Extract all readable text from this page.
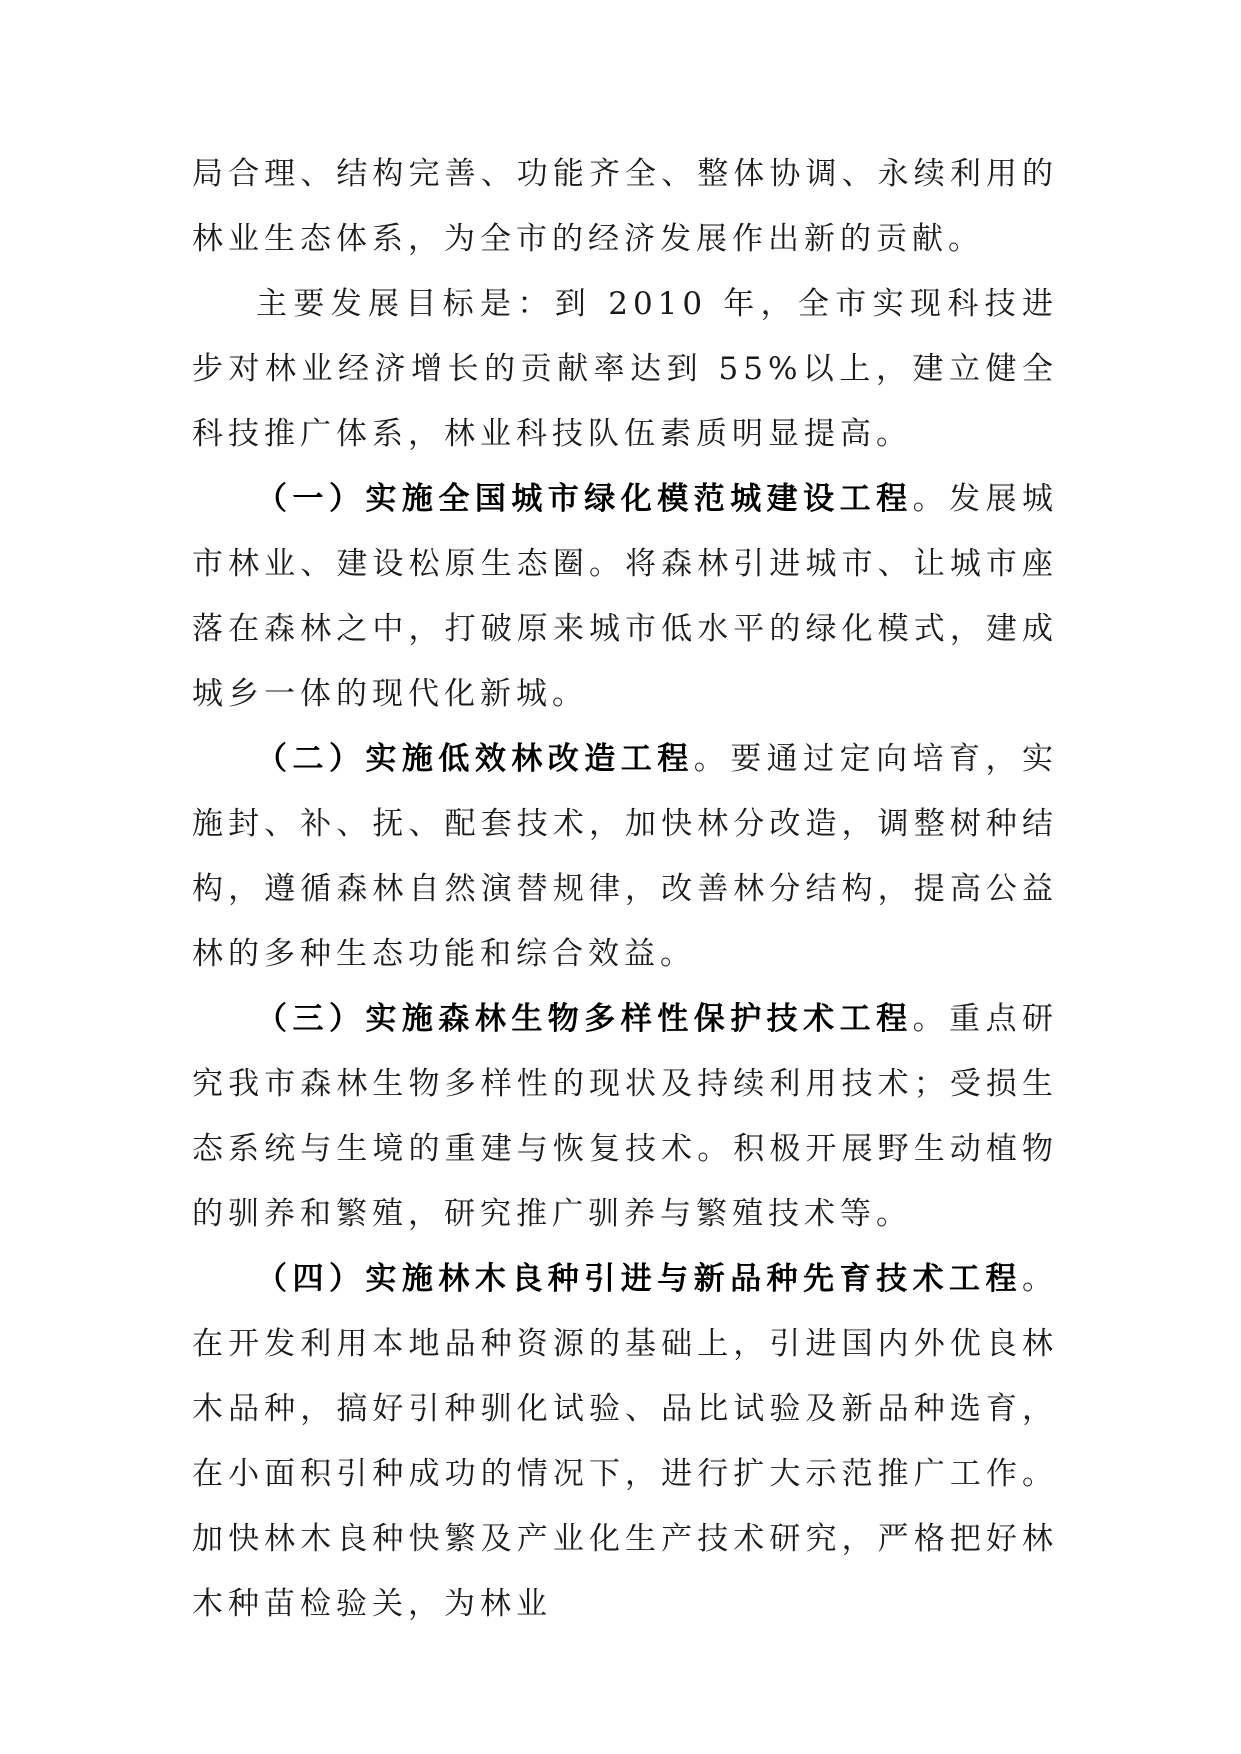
局合理、结构完善、功能齐全、整体协调、永续利用的林业生态体系，为全市的经济发展作出新的贡献。

主要发展目标是：到 2010 年，全市实现科技进步对林业经济增长的贡献率达到 55%以上，建立健全科技推广体系，林业科技队伍素质明显提高。

（一）实施全国城市绿化模范城建设工程。发展城市林业、建设松原生态圈。将森林引进城市、让城市座落在森林之中，打破原来城市低水平的绿化模式，建成城乡一体的现代化新城。

（二）实施低效林改造工程。要通过定向培育，实施封、补、抚、配套技术，加快林分改造，调整树种结构，遵循森林自然演替规律，改善林分结构，提高公益林的多种生态功能和综合效益。

（三）实施森林生物多样性保护技术工程。重点研究我市森林生物多样性的现状及持续利用技术；受损生态系统与生境的重建与恢复技术。积极开展野生动植物的驯养和繁殖，研究推广驯养与繁殖技术等。

（四）实施林木良种引进与新品种先育技术工程。在开发利用本地品种资源的基础上，引进国内外优良林木品种，搞好引种驯化试验、品比试验及新品种选育，在小面积引种成功的情况下，进行扩大示范推广工作。加快林木良种快繁及产业化生产技术研究，严格把好林木种苗检验关，为林业
